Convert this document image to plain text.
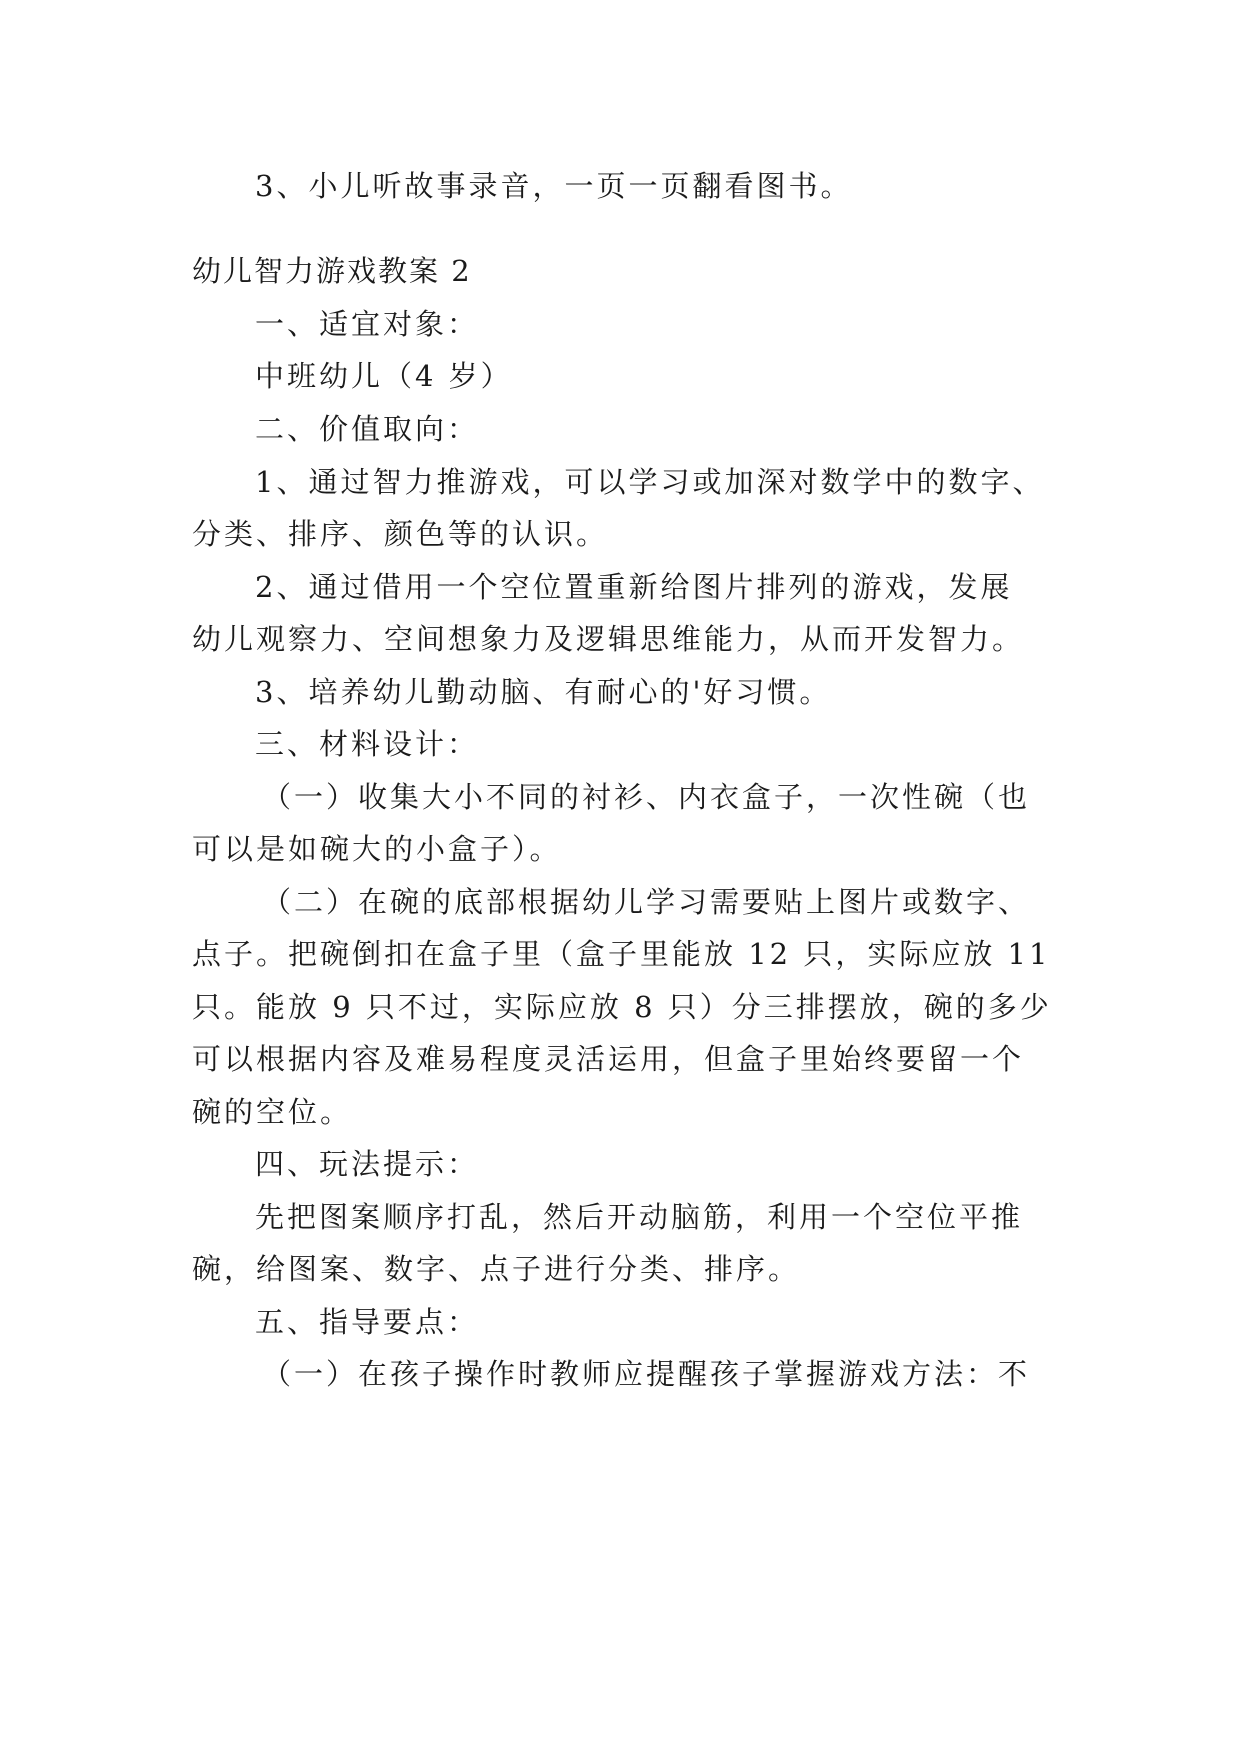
3、小儿听故事录音，一页一页翻看图书。
幼儿智力游戏教案 2
一、适宜对象：
中班幼儿（4 岁）
二、价值取向：
1、通过智力推游戏，可以学习或加深对数学中的数字、
分类、排序、颜色等的认识。
2、通过借用一个空位置重新给图片排列的游戏，发展
幼儿观察力、空间想象力及逻辑思维能力，从而开发智力。
3、培养幼儿勤动脑、有耐心的'好习惯。
三、材料设计：
（一）收集大小不同的衬衫、内衣盒子，一次性碗（也
可以是如碗大的小盒子）。
（二）在碗的底部根据幼儿学习需要贴上图片或数字、
点子。把碗倒扣在盒子里（盒子里能放 12 只，实际应放 11
只。能放 9 只不过，实际应放 8 只）分三排摆放，碗的多少
可以根据内容及难易程度灵活运用，但盒子里始终要留一个
碗的空位。
四、玩法提示：
先把图案顺序打乱，然后开动脑筋，利用一个空位平推
碗，给图案、数字、点子进行分类、排序。
五、指导要点：
（一）在孩子操作时教师应提醒孩子掌握游戏方法：不
